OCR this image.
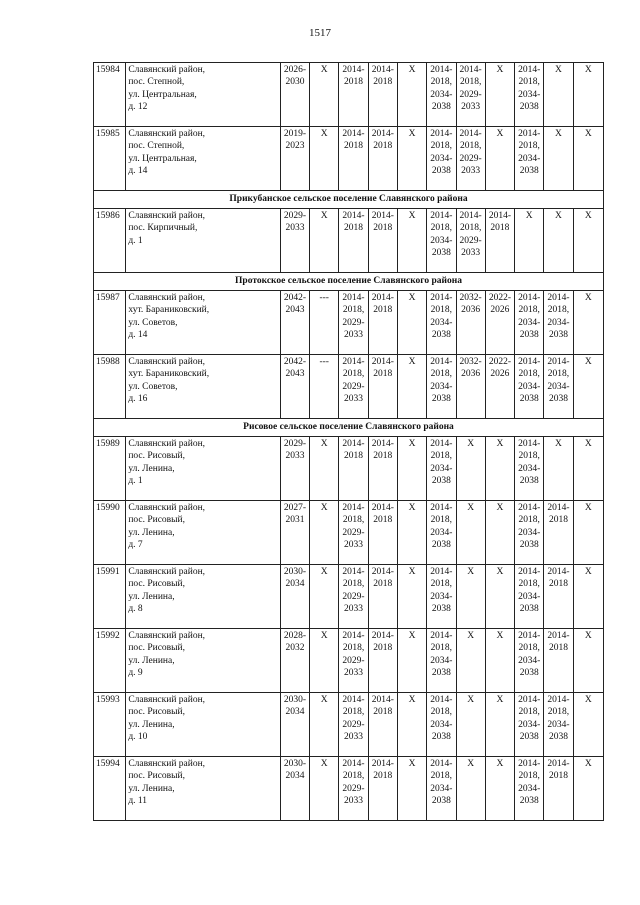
1517
15984	Славянский район,
пос. Степной,
ул. Центральная,
д. 12	2026-
2030	Х	2014-
2018	2014-
2018	Х	2014-
2018,
2034-
2038	2014-
2018,
2029-
2033	Х	2014-
2018,
2034-
2038	Х	Х

15985	Славянский район,
пос. Степной,
ул. Центральная,
д. 14	2019-
2023	Х	2014-
2018	2014-
2018	Х	2014-
2018,
2034-
2038	2014-
2018,
2029-
2033	Х	2014-
2018,
2034-
2038	Х	Х

Прикубанское сельское поселение Славянского района												
15986	Славянский район,
пос. Кирпичный,
д. 1	2029-
2033	Х	2014-
2018	2014-
2018	Х	2014-
2018,
2034-
2038	2014-
2018,
2029-
2033	2014-
2018	Х	Х	Х

Протокское сельское поселение Славянского района												
15987	Славянский район,
хут. Бараниковский,
ул. Советов,
д. 14	2042-
2043	---	2014-
2018,
2029-
2033	2014-
2018	Х	2014-
2018,
2034-
2038	2032-
2036	2022-
2026	2014-
2018,
2034-
2038	2014-
2018,
2034-
2038	Х

15988	Славянский район,
хут. Бараниковский,
ул. Советов,
д. 16	2042-
2043	---	2014-
2018,
2029-
2033	2014-
2018	Х	2014-
2018,
2034-
2038	2032-
2036	2022-
2026	2014-
2018,
2034-
2038	2014-
2018,
2034-
2038	Х

Рисовое сельское поселение Славянского района												
15989	Славянский район,
пос. Рисовый,
ул. Ленина,
д. 1	2029-
2033	Х	2014-
2018	2014-
2018	Х	2014-
2018,
2034-
2038	Х	Х	2014-
2018,
2034-
2038	Х	Х

15990	Славянский район,
пос. Рисовый,
ул. Ленина,
д. 7	2027-
2031	Х	2014-
2018,
2029-
2033	2014-
2018	Х	2014-
2018,
2034-
2038	Х	Х	2014-
2018,
2034-
2038	2014-
2018	Х

15991	Славянский район,
пос. Рисовый,
ул. Ленина,
д. 8	2030-
2034	Х	2014-
2018,
2029-
2033	2014-
2018	Х	2014-
2018,
2034-
2038	Х	Х	2014-
2018,
2034-
2038	2014-
2018	Х

15992	Славянский район,
пос. Рисовый,
ул. Ленина,
д. 9	2028-
2032	Х	2014-
2018,
2029-
2033	2014-
2018	Х	2014-
2018,
2034-
2038	Х	Х	2014-
2018,
2034-
2038	2014-
2018	Х

15993	Славянский район,
пос. Рисовый,
ул. Ленина,
д. 10	2030-
2034	Х	2014-
2018,
2029-
2033	2014-
2018	Х	2014-
2018,
2034-
2038	Х	Х	2014-
2018,
2034-
2038	2014-
2018,
2034-
2038	Х

15994	Славянский район,
пос. Рисовый,
ул. Ленина,
д. 11	2030-
2034	Х	2014-
2018,
2029-
2033	2014-
2018	Х	2014-
2018,
2034-
2038	Х	Х	2014-
2018,
2034-
2038	2014-
2018	Х
